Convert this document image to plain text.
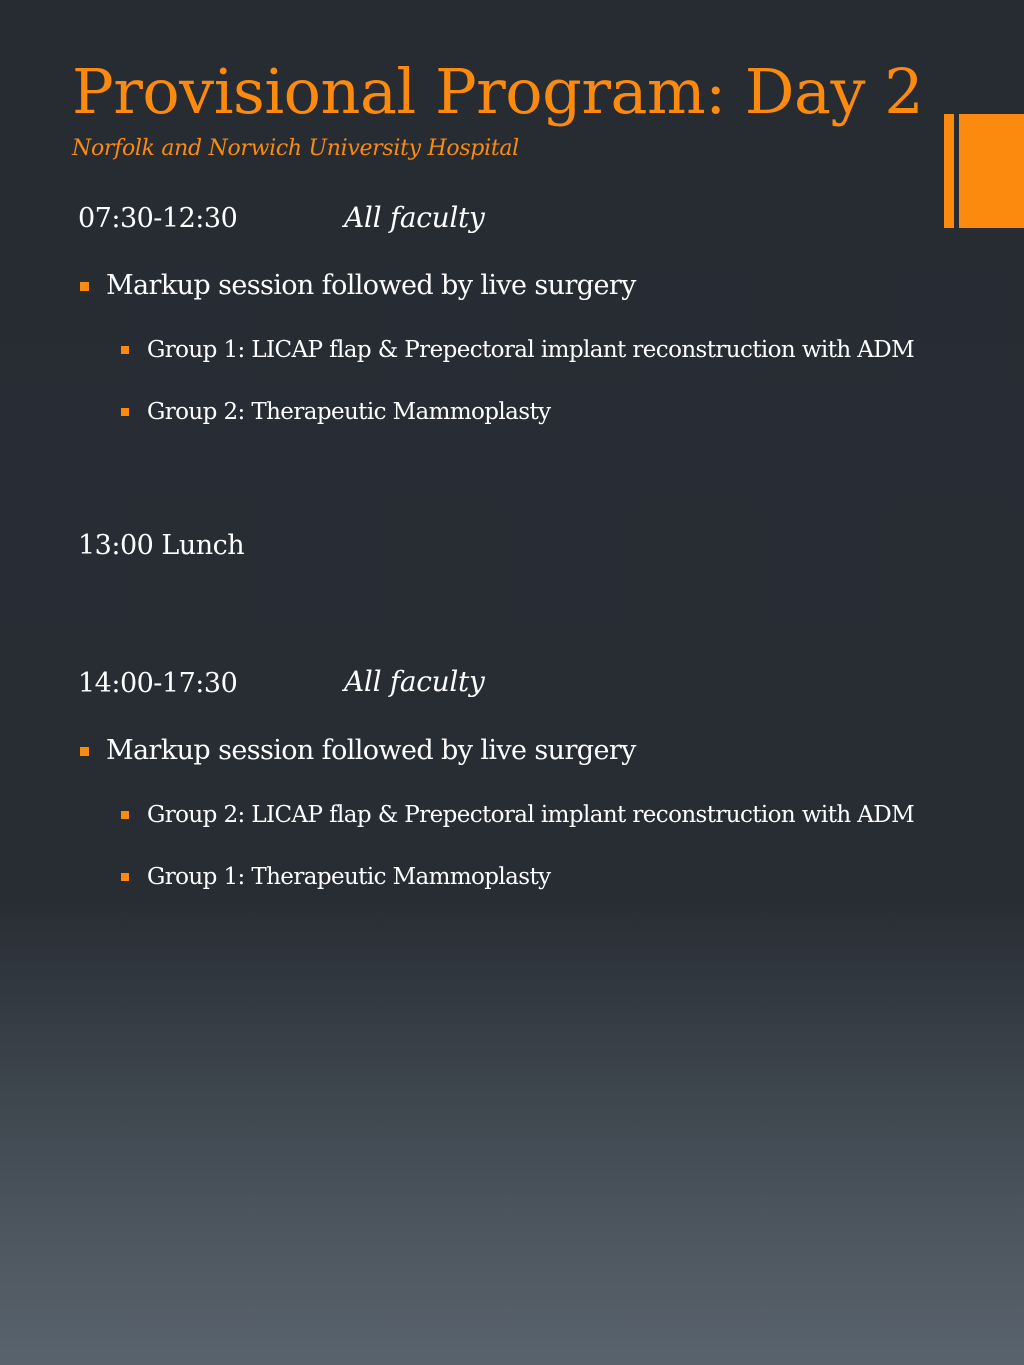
Provisional Program: Day 2
Norfolk and Norwich University Hospital
07:30-12:30	All faculty
Markup session followed by live surgery
Group 1: LICAP flap & Prepectoral implant reconstruction with ADM
Group 2: Therapeutic Mammoplasty
13:00 Lunch
14:00-17:30	All faculty
Markup session followed by live surgery
Group 2: LICAP flap & Prepectoral implant reconstruction with ADM
Group 1: Therapeutic Mammoplasty
